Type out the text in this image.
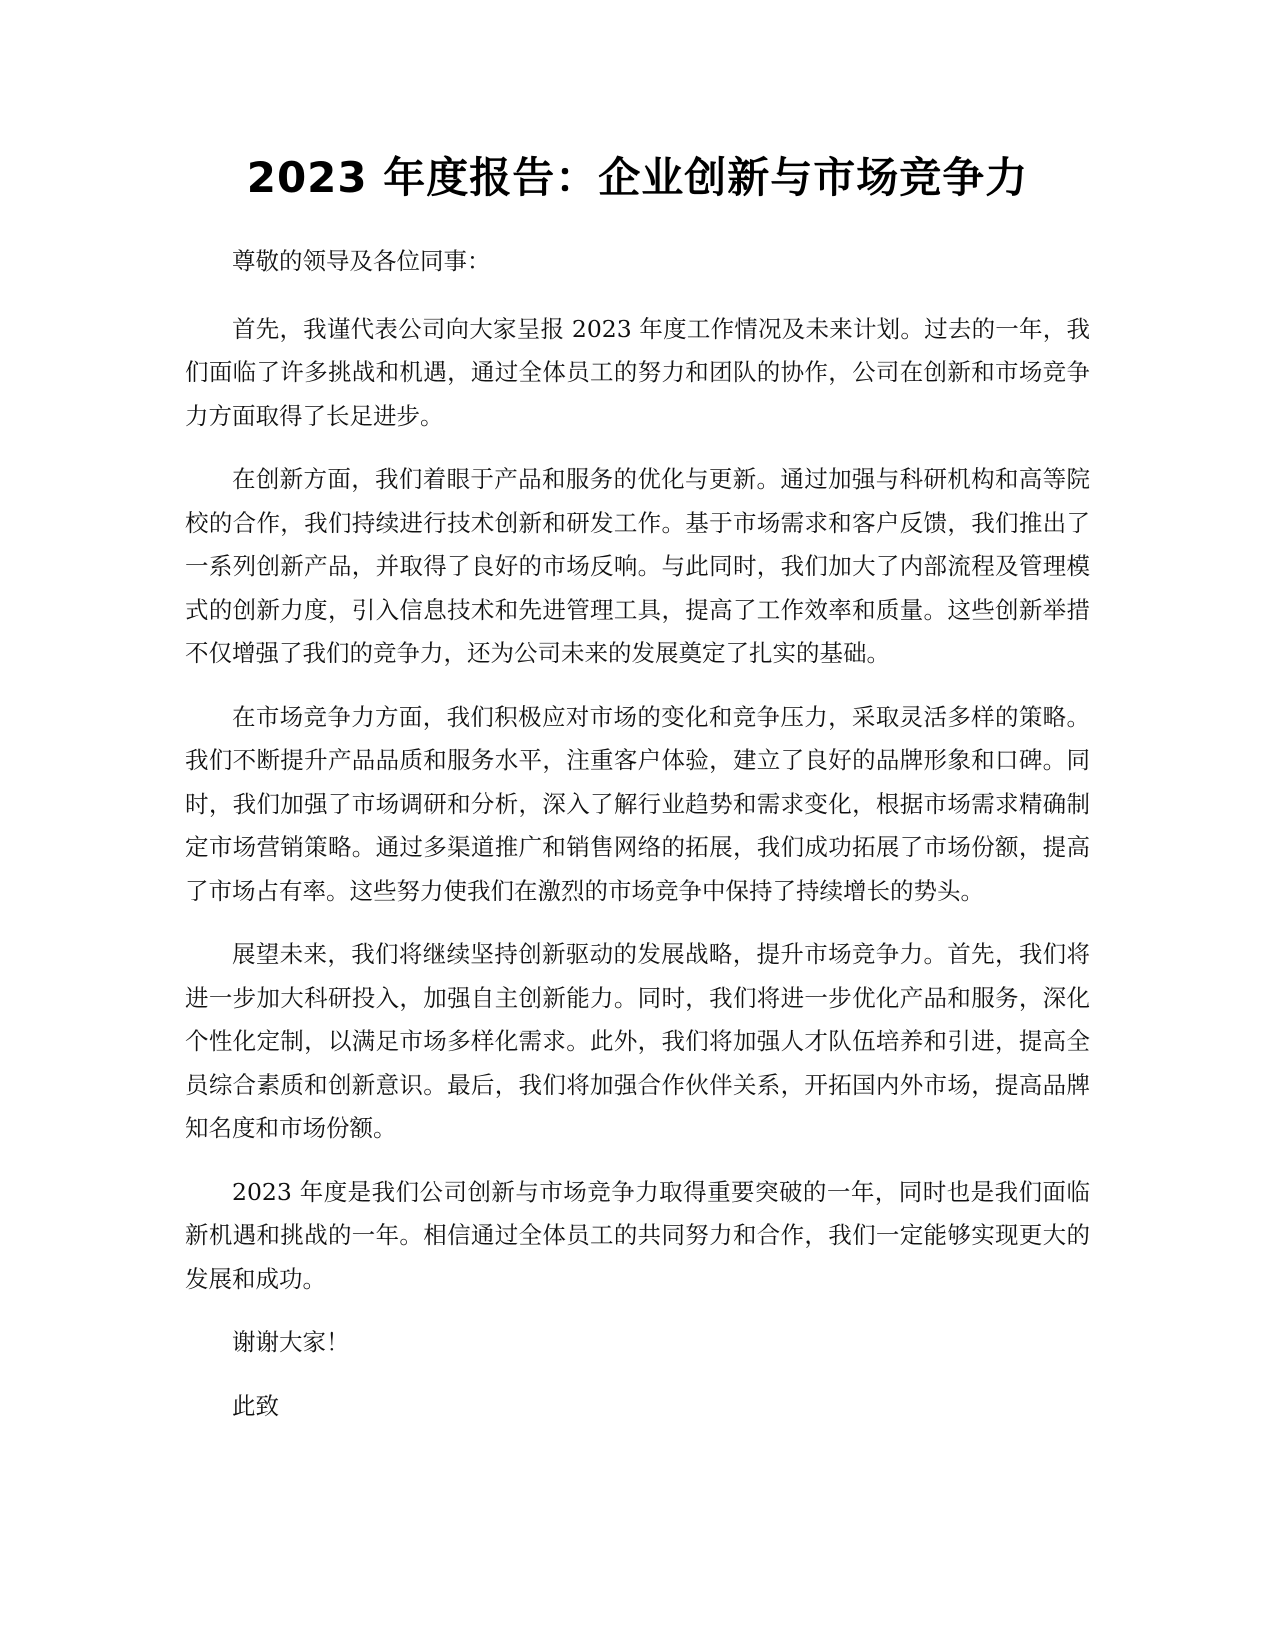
2023 年度报告：企业创新与市场竞争力

尊敬的领导及各位同事：

首先，我谨代表公司向大家呈报 2023 年度工作情况及未来计划。过去的一年，我们面临了许多挑战和机遇，通过全体员工的努力和团队的协作，公司在创新和市场竞争力方面取得了长足进步。

在创新方面，我们着眼于产品和服务的优化与更新。通过加强与科研机构和高等院校的合作，我们持续进行技术创新和研发工作。基于市场需求和客户反馈，我们推出了一系列创新产品，并取得了良好的市场反响。与此同时，我们加大了内部流程及管理模式的创新力度，引入信息技术和先进管理工具，提高了工作效率和质量。这些创新举措不仅增强了我们的竞争力，还为公司未来的发展奠定了扎实的基础。

在市场竞争力方面，我们积极应对市场的变化和竞争压力，采取灵活多样的策略。我们不断提升产品品质和服务水平，注重客户体验，建立了良好的品牌形象和口碑。同时，我们加强了市场调研和分析，深入了解行业趋势和需求变化，根据市场需求精确制定市场营销策略。通过多渠道推广和销售网络的拓展，我们成功拓展了市场份额，提高了市场占有率。这些努力使我们在激烈的市场竞争中保持了持续增长的势头。

展望未来，我们将继续坚持创新驱动的发展战略，提升市场竞争力。首先，我们将进一步加大科研投入，加强自主创新能力。同时，我们将进一步优化产品和服务，深化个性化定制，以满足市场多样化需求。此外，我们将加强人才队伍培养和引进，提高全员综合素质和创新意识。最后，我们将加强合作伙伴关系，开拓国内外市场，提高品牌知名度和市场份额。

2023 年度是我们公司创新与市场竞争力取得重要突破的一年，同时也是我们面临新机遇和挑战的一年。相信通过全体员工的共同努力和合作，我们一定能够实现更大的发展和成功。

谢谢大家！

此致
